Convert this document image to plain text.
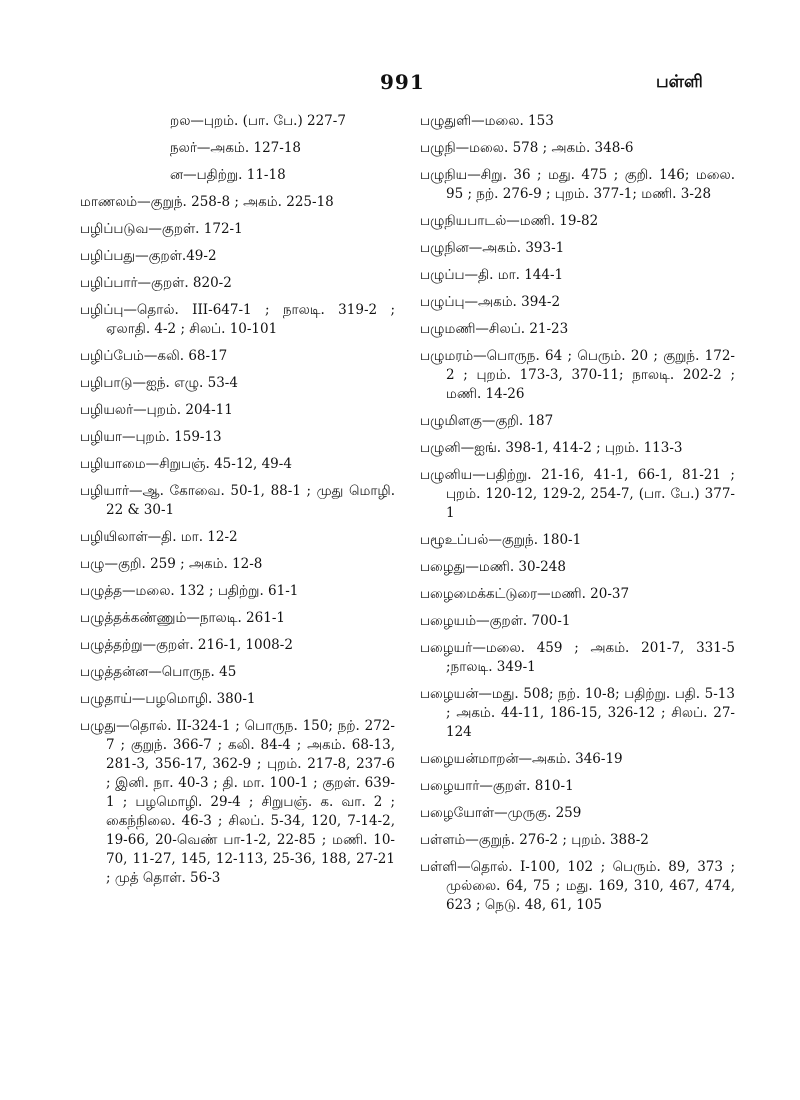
991	பள்ளி
றல—புறம். (பா. பே.) 227-7
நலர்—அகம். 127-18
ன—பதிற்று. 11-18
மாணலம்—குறுந். 258-8 ; அகம். 225-18
பழிப்படுவ—குறள். 172-1
பழிப்பது—குறள்.49-2
பழிப்பார்—குறள். 820-2
பழிப்பு—தொல். III-647-1 ; நாலடி. 319-2 ; ஏலாதி. 4-2 ; சிலப். 10-101
பழிப்பேம்—கலி. 68-17
பழிபாடு—ஐந். எழு. 53-4
பழியலர்—புறம். 204-11
பழியா—புறம். 159-13
பழியாமை—சிறுபஞ். 45-12, 49-4
பழியார்—ஆ. கோவை. 50-1, 88-1 ; முது மொழி. 22 & 30-1
பழியிலாள்—தி. மா. 12-2
பழு—குறி. 259 ; அகம். 12-8
பழுத்த—மலை. 132 ; பதிற்று. 61-1
பழுத்தக்கண்ணும்—நாலடி. 261-1
பழுத்தற்று—குறள். 216-1, 1008-2
பழுத்தன்ன—பொருந. 45
பழுதாய்—பழமொழி. 380-1
பழுது—தொல். II-324-1 ; பொருந. 150; நற். 272-7 ; குறுந். 366-7 ; கலி. 84-4 ; அகம். 68-13, 281-3, 356-17, 362-9 ; புறம். 217-8, 237-6 ; இனி. நா. 40-3 ; தி. மா. 100-1 ; குறள். 639-1 ; பழமொழி. 29-4 ; சிறுபஞ். க. வா. 2 ; கைந்நிலை. 46-3 ; சிலப். 5-34, 120, 7-14-2, 19-66, 20-வெண் பா-1-2, 22-85 ; மணி. 10-70, 11-27, 145, 12-113, 25-36, 188, 27-21 ; முத் தொள். 56-3
பழுதுளி—மலை. 153
பழுநி—மலை. 578 ; அகம். 348-6
பழுநிய—சிறு. 36 ; மது. 475 ; குறி. 146; மலை. 95 ; நற். 276-9 ; புறம். 377-1; மணி. 3-28
பழுநியபாடல்—மணி. 19-82
பழுநின—அகம். 393-1
பழுப்ப—தி. மா. 144-1
பழுப்பு—அகம். 394-2
பழுமணி—சிலப். 21-23
பழுமரம்—பொருந. 64 ; பெரும். 20 ; குறுந். 172-2 ; புறம். 173-3, 370-11; நாலடி. 202-2 ; மணி. 14-26
பழுமிளகு—குறி. 187
பழுனி—ஐங். 398-1, 414-2 ; புறம். 113-3
பழுனிய—பதிற்று. 21-16, 41-1, 66-1, 81-21 ; புறம். 120-12, 129-2, 254-7, (பா. பே.) 377-1
பழூஉப்பல்—குறுந். 180-1
பழைது—மணி. 30-248
பழைமைக்கட்டுரை—மணி. 20-37
பழையம்—குறள். 700-1
பழையர்—மலை. 459 ; அகம். 201-7, 331-5 ;நாலடி. 349-1
பழையன்—மது. 508; நற். 10-8; பதிற்று. பதி. 5-13 ; அகம். 44-11, 186-15, 326-12 ; சிலப். 27-124
பழையன்மாறன்—அகம். 346-19
பழையார்—குறள். 810-1
பழையோள்—முருகு. 259
பள்ளம்—குறுந். 276-2 ; புறம். 388-2
பள்ளி—தொல். I-100, 102 ; பெரும். 89, 373 ; முல்லை. 64, 75 ; மது. 169, 310, 467, 474, 623 ; நெடு. 48, 61, 105
